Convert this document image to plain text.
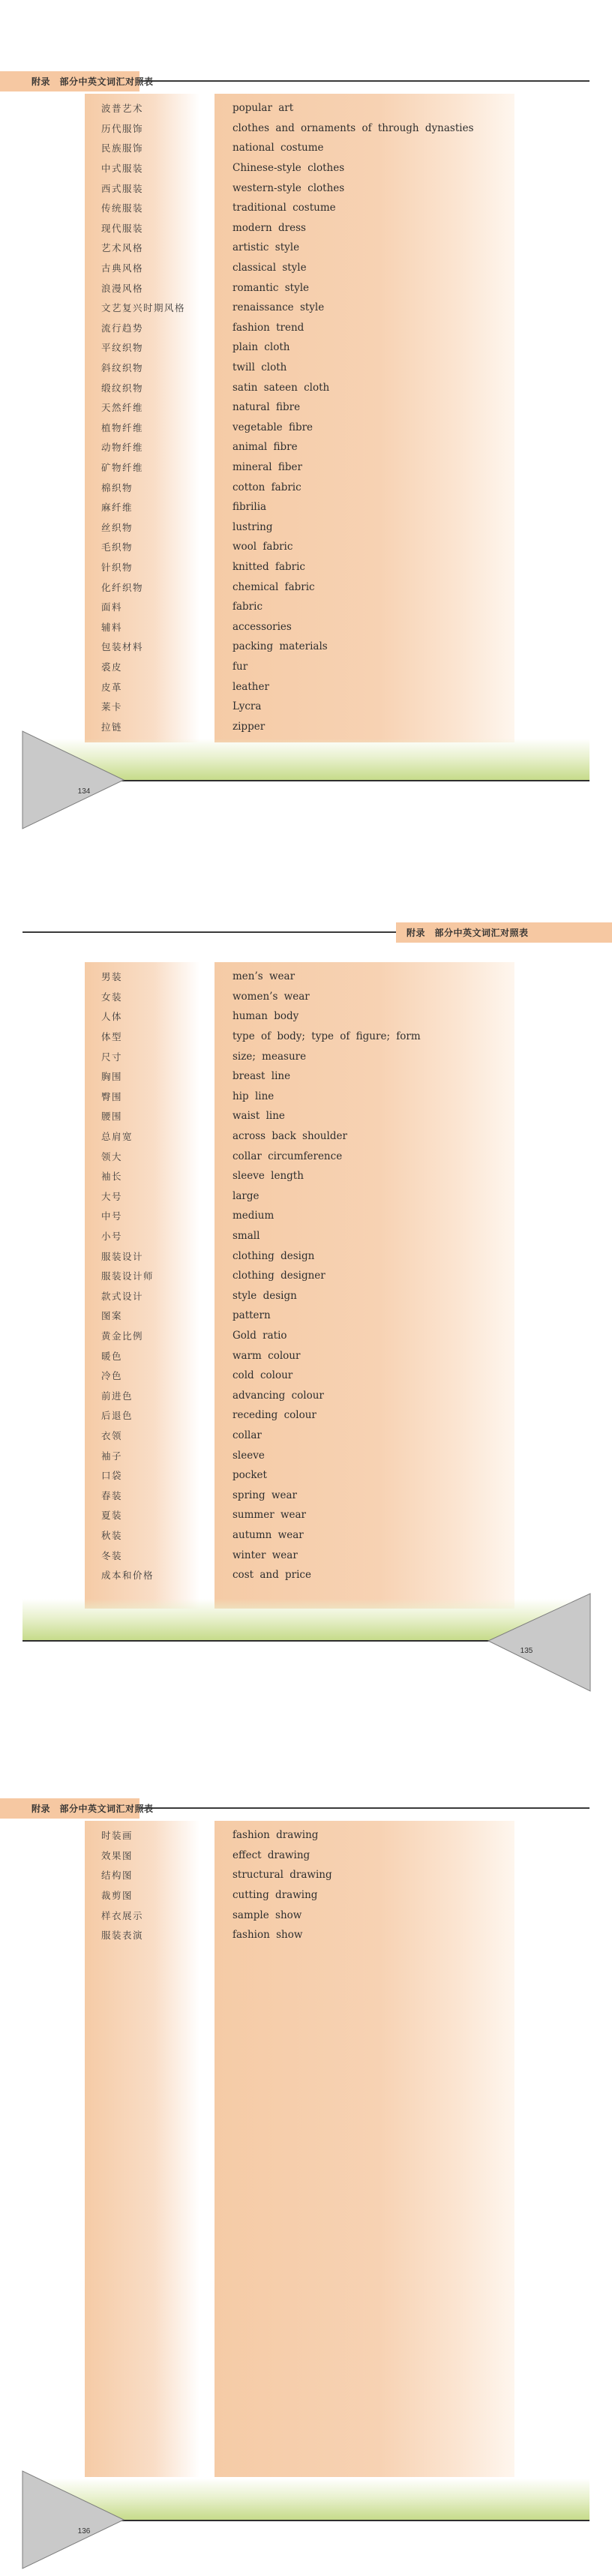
附录　部分中英文词汇对照表
波普艺术	popular art
历代服饰	clothes and ornaments of through dynasties
民族服饰	national costume
中式服装	Chinese-style clothes
西式服装	western-style clothes
传统服装	traditional costume
现代服装	modern dress
艺术风格	artistic style
古典风格	classical style
浪漫风格	romantic style
文艺复兴时期风格	renaissance style
流行趋势	fashion trend
平纹织物	plain cloth
斜纹织物	twill cloth
缎纹织物	satin sateen cloth
天然纤维	natural fibre
植物纤维	vegetable fibre
动物纤维	animal fibre
矿物纤维	mineral fiber
棉织物	cotton fabric
麻纤维	fibrilia
丝织物	lustring
毛织物	wool fabric
针织物	knitted fabric
化纤织物	chemical fabric
面料	fabric
辅料	accessories
包装材料	packing materials
裘皮	fur
皮革	leather
莱卡	Lycra
拉链	zipper
134
附录　部分中英文词汇对照表
男装	men’s wear
女装	women’s wear
人体	human body
体型	type of body; type of figure; form
尺寸	size; measure
胸围	breast line
臀围	hip line
腰围	waist line
总肩宽	across back shoulder
领大	collar circumference
袖长	sleeve length
大号	large
中号	medium
小号	small
服装设计	clothing design
服装设计师	clothing designer
款式设计	style design
图案	pattern
黄金比例	Gold ratio
暖色	warm colour
冷色	cold colour
前进色	advancing colour
后退色	receding colour
衣领	collar
袖子	sleeve
口袋	pocket
春装	spring wear
夏装	summer wear
秋装	autumn wear
冬装	winter wear
成本和价格	cost and price
135
附录　部分中英文词汇对照表
时装画	fashion drawing
效果图	effect drawing
结构图	structural drawing
裁剪图	cutting drawing
样衣展示	sample show
服装表演	fashion show
136
